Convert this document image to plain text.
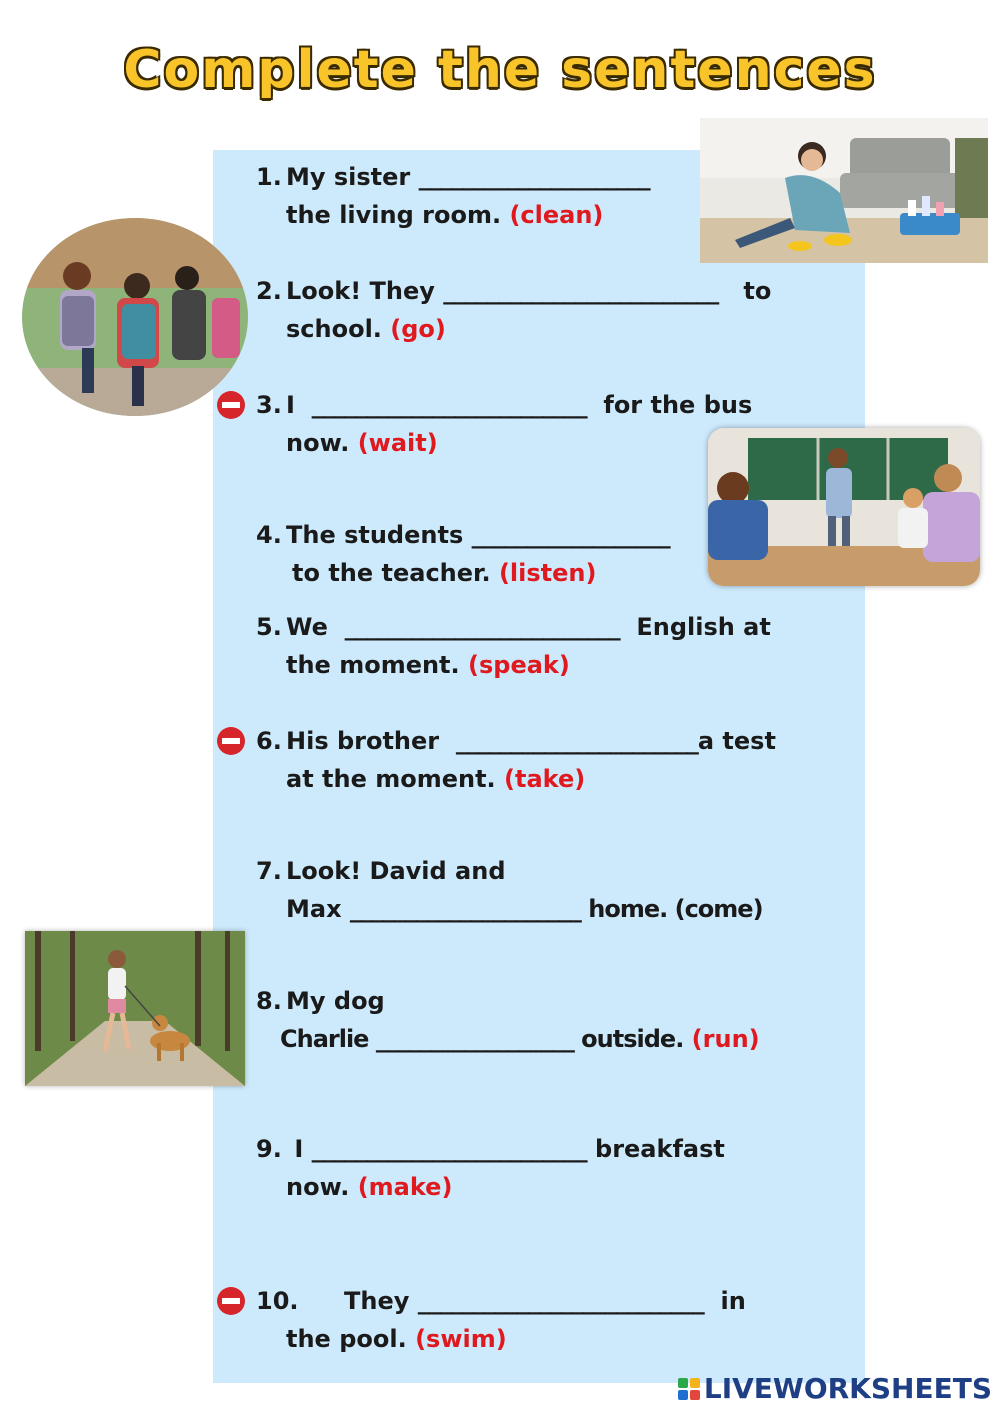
Complete the sentences
1. My sister _____________________
the living room. (clean)
2. Look! They _________________________ to
school. (go)
3. I _________________________ for the bus
now. (wait)
4. The students __________________
to the teacher. (listen)
5. We _________________________ English at
the moment. (speak)
6. His brother ______________________a test
at the moment. (take)
7. Look! David and
Max _____________________ home. (come)
8. My dog
Charlie __________________ outside. (run)
9. I _________________________ breakfast
now. (make)
10. They __________________________ in
the pool. (swim)
LIVEWORKSHEETS
